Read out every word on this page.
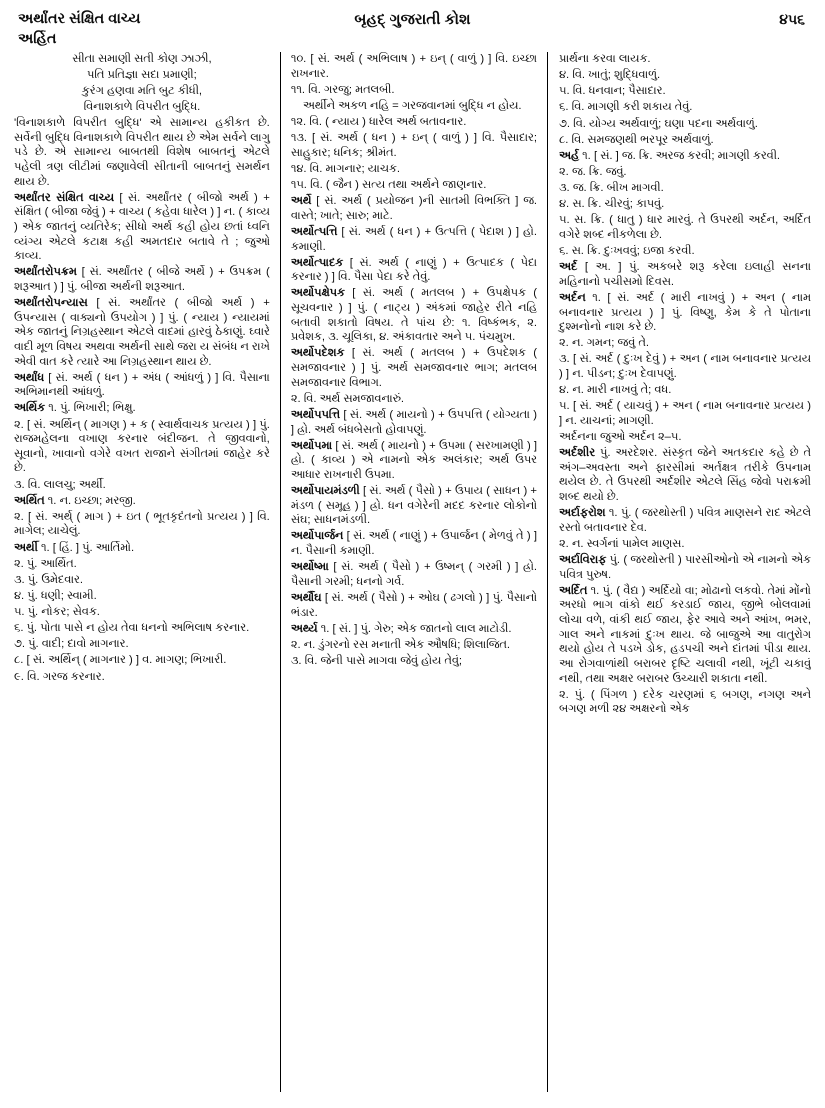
અર્થાં‌તર સંક્ષિત વાચ્ય
અર્હિત
બૃહદ્ ગુજરાતી કોશ	૪૫૬
સીતા સમાણી સતી કોણ ઝાઝી,
પતિ પ્રતિજ્ઞા સદા પ્રમાણી;
કુરંગ હણવા મતિ બુટ કીધી,
વિનાશકાળે વિપરીત બુદ્ધિ.

'વિનાશકાળે વિપરીત બુદ્ધિ' એ સામાન્ય હકીકત છે. સર્વેની બુદ્ધિ વિનાશકાળે વિપરીત થાય છે એમ સર્વને લાગુ પડે છે. એ સામાન્ય બાબતથી વિશેષ બાબતનું એટલે પહેલી ત્રણ લીટીમાં જણાવેલી સીતાની બાબતનું સમર્થન થાય છે.

અર્થાંતર સંક્ષિત વાચ્ય [ સં. અર્થાંતર ( બીજો અર્થ ) + સંક્ષિત ( બીજા જેવું ) + વાચ્ય ( કહેવા ધારેલ ) ] ન. ( કાવ્ય ) એક જાતનું વ્યતિરેક; સીધો અર્થ કહી હોય છતાં ધ્વનિ વ્યંગ્ય એટલે કટાક્ષ કહી અમતદાર બતાવે તે ; જુઓ કાવ્ય.

અર્થાંતરોપક્રમ [ સં. અર્થાંતર ( બીજે અર્થે ) + ઉપક્રમ ( શરૂઆત ) ] પું. બીજા અર્થની શરૂઆત.

અર્થાંતરોપન્યાસ [ સં. અર્થાંતર ( બીજો અર્થ ) + ઉપન્યાસ ( વાક્યનો ઉપયોગ ) ] પું. ( ન્યાય ) ન્યાયમાં એક જાતનું નિગ્રહસ્થાન એટલે વાદમાં હારવું ઠેકાણું. ઘ્‍વારે વાદી મૂળ વિષય અથવા અર્થની સાથે જરા ય સંબંધ ન રાખે એવી વાત કરે ત્યારે આ નિગ્રહસ્થાન થાય છે.

અર્થાંધ [ સં. અર્થ ( ધન ) + અંધ ( આંધળું ) ] વિ. પૈસાના અભિમાનથી આંધળું.

અર્થિક ૧. પું. ભિખારી; ભિક્ષુ.

૨. [ સં. અર્થિન્ ( માગણ ) + ક ( સ્વાર્થવાચક પ્રત્યય ) ] પું. રાજમહેલના વખાણ કરનાર બંદીજન. તે જીવવાનો, સૂવાનો, ખાવાનો વગેરે વખત રાજાને સંગીતમાં જાહેર કરે છે.

૩. વિ. લાલચુ; અર્થી.

અર્થિત ૧. ન. ઇચ્છા; મરજી.

૨. [ સં. અર્થ્ ( માગ ) + ઇત ( ભૂતકૃદંતનો પ્રત્યય ) ] વિ. માગેલ; યાચેલું.

અર્થી ૧. [ હિં. ] પું. આર્તિમો.

૨. પું. આર્થિત.

૩. પું. ઉમેદવાર.

૪. પું. ધણી; સ્વામી.

૫. પું. નોકર; સેવક.

૬. પું. પોતા પાસે ન હોય તેવા ધનનો અભિલાષ કરનાર.

૭. પું. વાદી; દાવો માગનાર.

૮. [ સં. અર્થિન્ ( માગનાર ) ] વ. માગણ; ભિખારી.

૯. વિ. ગરજ કરનાર.

૧૦. [ સં. અર્થ ( અભિલાષ ) + ઇન્ ( વાળું ) ] વિ. ઇચ્છા રાખનાર.

૧૧. વિ. ગરજુ; મતલબી.

અર્થીને અકળ નહિ = ગરજવાનમાં બુદ્ધિ ન હોય.

૧૨. વિ. ( ન્યાય ) ધારેલ અર્થ બતાવનાર.

૧૩. [ સં. અર્થ ( ધન ) + ઇન્ ( વાળું ) ] વિ. પૈસાદાર; સાહુકાર; ધનિક; શ્રીમંત.

૧૪. વિ. માગનાર; યાચક.

૧૫. વિ. ( જૈન ) સત્ય તથા અર્થને જાણનાર.

અર્થે [ સં. અર્થ ( પ્રયોજન )ની સાતમી વિભક્તિ ] જ. વાસ્તે; ખાતે; સારુ; માટે.

અર્થોત્પત્તિ [ સં. અર્થ ( ધન ) + ઉત્પત્તિ ( પેદાશ ) ] હો. કમાણી.

અર્થોત્પાદક [ સં. અર્થ ( નાણું ) + ઉત્પાદક ( પેદા કરનાર ) ] વિ. પૈસા પેદા કરે તેવું.

અર્થોપક્ષેપક [ સં. અર્થ ( મતલબ ) + ઉપક્ષેપક ( સૂચવનાર ) ] પું. ( નાટ્ય ) અંકમાં જાહેર રીતે નહિ બતાવી શકાતો વિષય. તે પાંચ છે: ૧. વિષ્કંભક, ૨. પ્રવેશક, ૩. ચૂલિકા, ૪. અંકાવતાર અને ૫. પંચમુખ.

અર્થોપદેશક [ સં. અર્થ ( મતલબ ) + ઉપદેશક ( સમજાવનાર ) ] પું. અર્થ સમજાવનાર ભાગ; મતલબ સમજાવનાર વિભાગ.

૨. વિ. અર્થ સમજાવનારું.

અર્થોપપત્તિ [ સં. અર્થ ( માયનો ) + ઉપપત્તિ ( યોગ્યતા ) ] હ્રો. અર્થ બંધબેસતો હોવાપણું.

અર્થોપમા [ સં. અર્થ ( માયનો ) + ઉપમા ( સરખામણી ) ] હ્રો. ( કાવ્ય ) એ નામનો એક અલંકાર; અર્થ ઉપર આધાર રાખનારી ઉપમા.

અર્થોપાયમંડળી [ સં. અર્થ ( પૈસો ) + ઉપાય ( સાધન ) + મંડળ ( સમૂહ ) ] હ્રો. ધન વગેરેની મદદ કરનાર લોકોનો સંઘ; સાધનમંડળી.

અર્થોપાર્જન [ સં. અર્થ ( નાણું ) + ઉપાર્જન ( મેળવું તે ) ] ન. પૈસાની કમાણી.

અર્થોષ્મા [ સં. અર્થ ( પૈસો ) + ઉષ્મન્ ( ગરમી ) ] હ્રો. પૈસાની ગરમી; ધનનો ગર્વ.

અર્થૌઘ [ સં. અર્થ ( પૈસો ) + ઓઘ ( ઢગલો ) ] પું. પૈસાનો ભંડાર.

અર્થ્ય ૧. [ સં. ] પું. ગેરુ; એક જાતનો લાલ માટોડી.

૨. ન. ડુંગરનો રસ મનાતી એક ઔષધિ; શિલાજિત.

૩. વિ. જેની પાસે માગવા જેવું હોય તેવું;

પ્રાર્થના કરવા લાયક.

૪. વિ. ખાતું; શુદ્ધિવાળું.

૫. વિ. ધનવાન; પૈસાદાર.

૬. વિ. માગણી કરી શકાય તેવું.

૭. વિ. યોગ્ય અર્થવાળું; ઘણા પદના અર્થવાળું.

૮. વિ. સમજણથી ભરપૂર અર્થવાળું.

અર્હ ૧. [ સં. ] જ. ક્રિ. અરજ કરવી; માગણી કરવી.

૨. જ. ક્રિ. જવું.

૩. જ. ક્રિ. બીખ માગવી.

૪. સ. ક્રિ. ચીરવું; કાપવું.

૫. સ. ક્રિ. ( ધાતુ ) ધાર મારવું. તે ઉપરથી અર્દન, અર્દિત વગેરે શબ્દ નીકળેલા છે.

૬. સ. ક્રિ. દુઃખવવું; ઇજા કરવી.

અર્દ [ અ. ] પું. અકબરે શરૂ કરેલા ઇલાહી સનના મહિનાનો પચીસમો દિવસ.

અર્દન ૧. [ સં. અર્દ ( મારી નાખવું ) + અન ( નામ બનાવનાર પ્રત્યય ) ] પું. વિષ્ણુ, કેમ કે તે પોતાના દુશ્મનોનો નાશ કરે છે.

૨. ન. ગમન; જવું તે.

૩. [ સં. અર્દ ( દુઃખ દેવું ) + અન ( નામ બનાવનાર પ્રત્યય ) ] ન. પીડન; દુઃખ દેવાપણું.

૪. ન. મારી નાખવું તે; વધ.

૫. [ સં. અર્દ ( યાચવું ) + અન ( નામ બનાવનાર પ્રત્યય ) ] ન. યાચનાં; માગણી.

અર્દનના જુઓ અર્દન ૨–૫.

અર્દશીર પું. અરદેશર. સંસ્કૃત જેને અતકદાર કહે છે તે અંગ–અવસ્તા અને ફારસીમાં અર્તક્ષત્ર તરીકે ઉપનામ થયેલ છે. તે ઉપરથી અર્દશીર એટલે સિંહ જેવો પરાક્રમી શબ્દ થયો છે.

અર્દાફરોશ ૧. પું. ( જરથોસ્તી ) પવિત્ર માણસને રાદ એટલે રસ્તો બતાવનાર દેવ.

૨. ન. સ્વર્ગનાં પામેલ માણસ.

અર્દાવિરાફ પું. ( જરથોસ્તી ) પારસીઓનો એ નામનો એક પવિત્ર પુરુષ.

અર્દિત ૧. પું. ( વૈદ્ય ) અર્દિયો વા; મોઢાનો લકવો. તેમાં મોંનો અરધો ભાગ વાંકો થઈ કરડાઈ જાય, જીભે બોલવામાં લોચા વળે, વાંકી થઈ જાય, ફેર આવે અને આંખ, ભમર, ગાલ અને નાકમાં દુઃખ થાય. જે બાજુએ આ વાતુરોગ થયો હોય તે પડખે ડોક, હડપચી અને દાંતમાં પીડા થાય. આ રોગવાળાંથી બરાબર દૃષ્ટિ ચલાવી નથી, ખૂંટી ચકાવું નથી, તથા અક્ષર બરાબર ઉચ્ચારી શકાતા નથી.

૨. પું. ( પિંગળ ) દરેક ચરણમાં ૬ બગણ, નગણ અને બગણ મળી ૨૪ અક્ષરનો એક
